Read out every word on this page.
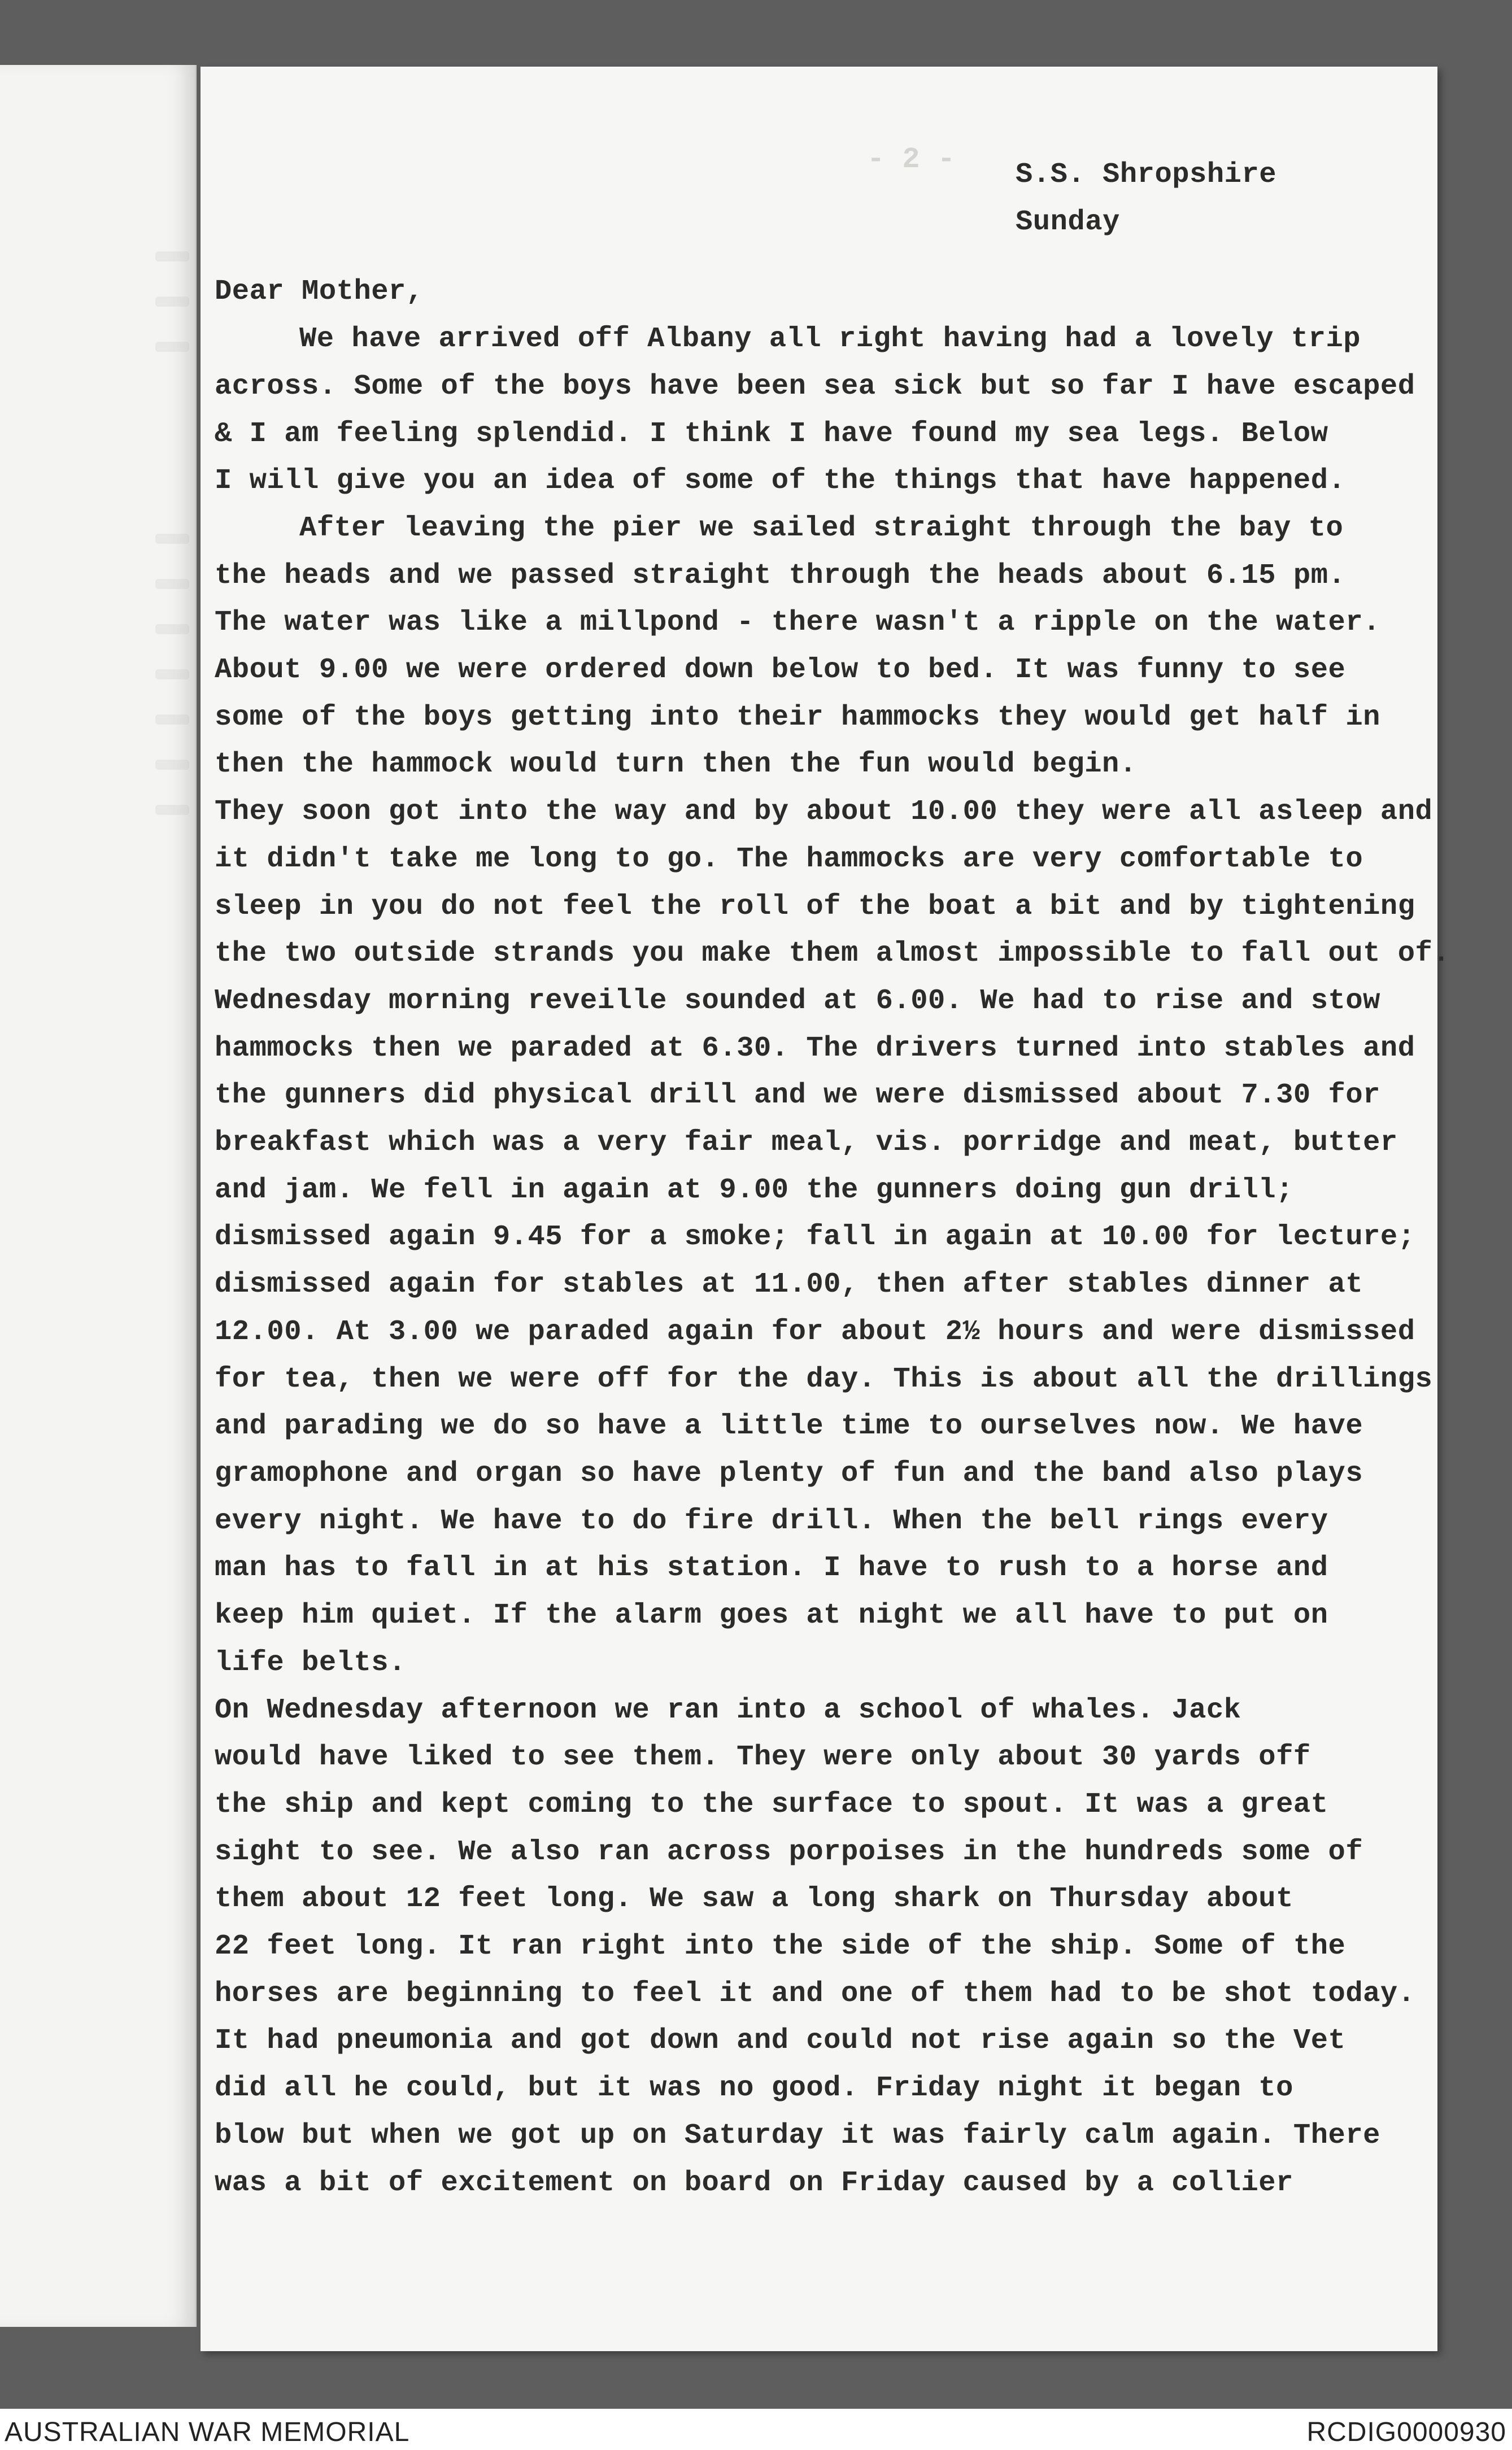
- 2 -	S.S. Shropshire
Sunday
Dear Mother,
We have arrived off Albany all right having had a lovely trip
across. Some of the boys have been sea sick but so far I have escaped
& I am feeling splendid. I think I have found my sea legs. Below
I will give you an idea of some of the things that have happened.
After leaving the pier we sailed straight through the bay to
the heads and we passed straight through the heads about 6.15 pm.
The water was like a millpond - there wasn't a ripple on the water.
About 9.00 we were ordered down below to bed. It was funny to see
some of the boys getting into their hammocks they would get half in
then the hammock would turn then the fun would begin.
They soon got into the way and by about 10.00 they were all asleep and
it didn't take me long to go. The hammocks are very comfortable to
sleep in you do not feel the roll of the boat a bit and by tightening
the two outside strands you make them almost impossible to fall out of.
Wednesday morning reveille sounded at 6.00. We had to rise and stow
hammocks then we paraded at 6.30. The drivers turned into stables and
the gunners did physical drill and we were dismissed about 7.30 for
breakfast which was a very fair meal, vis. porridge and meat, butter
and jam. We fell in again at 9.00 the gunners doing gun drill;
dismissed again 9.45 for a smoke; fall in again at 10.00 for lecture;
dismissed again for stables at 11.00, then after stables dinner at
12.00. At 3.00 we paraded again for about 2½ hours and were dismissed
for tea, then we were off for the day. This is about all the drillings
and parading we do so have a little time to ourselves now. We have
gramophone and organ so have plenty of fun and the band also plays
every night. We have to do fire drill. When the bell rings every
man has to fall in at his station. I have to rush to a horse and
keep him quiet. If the alarm goes at night we all have to put on
life belts.
On Wednesday afternoon we ran into a school of whales. Jack
would have liked to see them. They were only about 30 yards off
the ship and kept coming to the surface to spout. It was a great
sight to see. We also ran across porpoises in the hundreds some of
them about 12 feet long. We saw a long shark on Thursday about
22 feet long. It ran right into the side of the ship. Some of the
horses are beginning to feel it and one of them had to be shot today.
It had pneumonia and got down and could not rise again so the Vet
did all he could, but it was no good. Friday night it began to
blow but when we got up on Saturday it was fairly calm again. There
was a bit of excitement on board on Friday caused by a collier
AUSTRALIAN WAR MEMORIAL	RCDIG0000930
